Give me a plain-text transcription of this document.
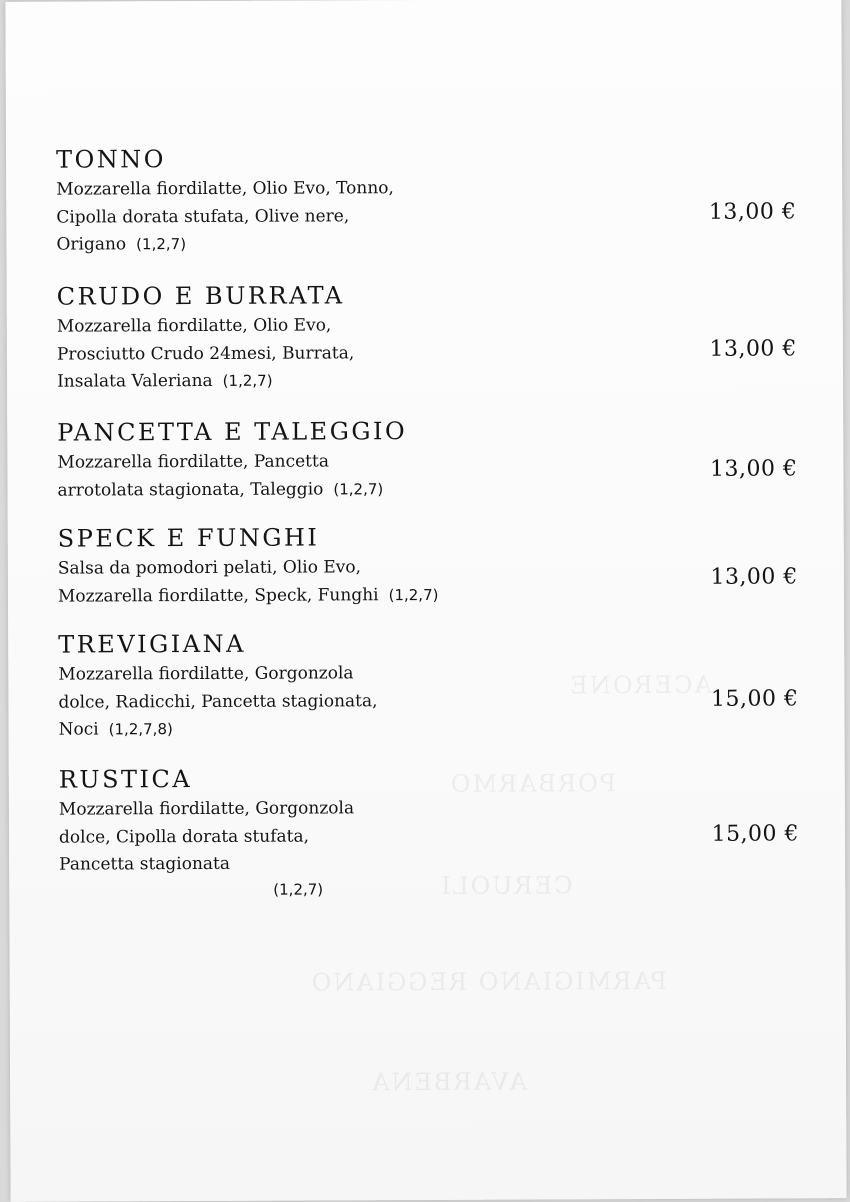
ACERONE
PORBARMO
CERUOLI
PARMIGIANO REGGIANO
AVARBENA
TONNO

Mozzarella fiordilatte, Olio Evo, Tonno,
Cipolla dorata stufata, Olive nere,
Origano (1,2,7)

13,00 €
CRUDO E BURRATA

Mozzarella fiordilatte, Olio Evo,
Prosciutto Crudo 24mesi, Burrata,
Insalata Valeriana (1,2,7)

13,00 €
PANCETTA E TALEGGIO

Mozzarella fiordilatte, Pancetta
arrotolata stagionata, Taleggio (1,2,7)

13,00 €
SPECK E FUNGHI

Salsa da pomodori pelati, Olio Evo,
Mozzarella fiordilatte, Speck, Funghi (1,2,7)

13,00 €
TREVIGIANA

Mozzarella fiordilatte, Gorgonzola
dolce, Radicchi, Pancetta stagionata,
Noci (1,2,7,8)

15,00 €
RUSTICA

Mozzarella fiordilatte, Gorgonzola
dolce, Cipolla dorata stufata,
Pancetta stagionata
(1,2,7)

15,00 €
